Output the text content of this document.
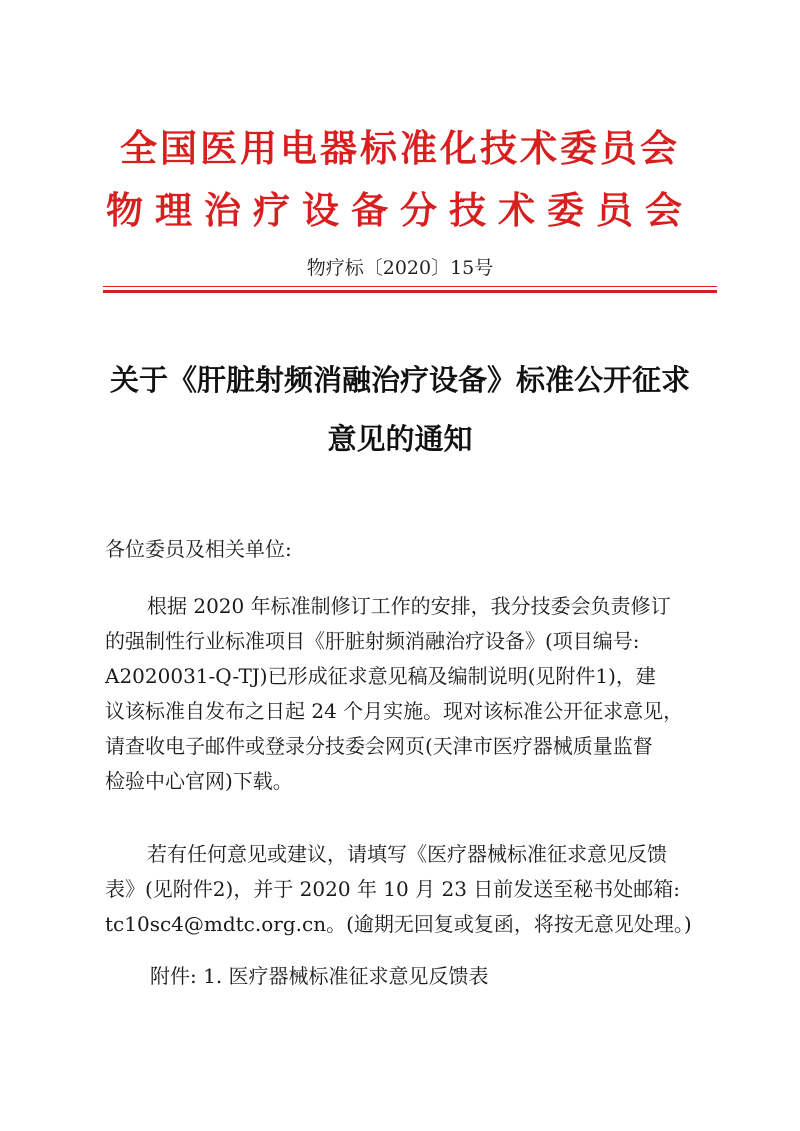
全国医用电器标准化技术委员会
物理治疗设备分技术委员会
物疗标〔2020〕15号
关于《肝脏射频消融治疗设备》标准公开征求
意见的通知
各位委员及相关单位:
根据 2020 年标准制修订工作的安排，我分技委会负责修订
的强制性行业标准项目《肝脏射频消融治疗设备》(项目编号:
A2020031-Q-TJ)已形成征求意见稿及编制说明(见附件1)，建
议该标准自发布之日起 24 个月实施。现对该标准公开征求意见，
请查收电子邮件或登录分技委会网页(天津市医疗器械质量监督
检验中心官网)下载。
若有任何意见或建议，请填写《医疗器械标准征求意见反馈
表》(见附件2)，并于 2020 年 10 月 23 日前发送至秘书处邮箱:
tc10sc4@mdtc.org.cn。(逾期无回复或复函，将按无意见处理。)
附件: 1. 医疗器械标准征求意见反馈表
